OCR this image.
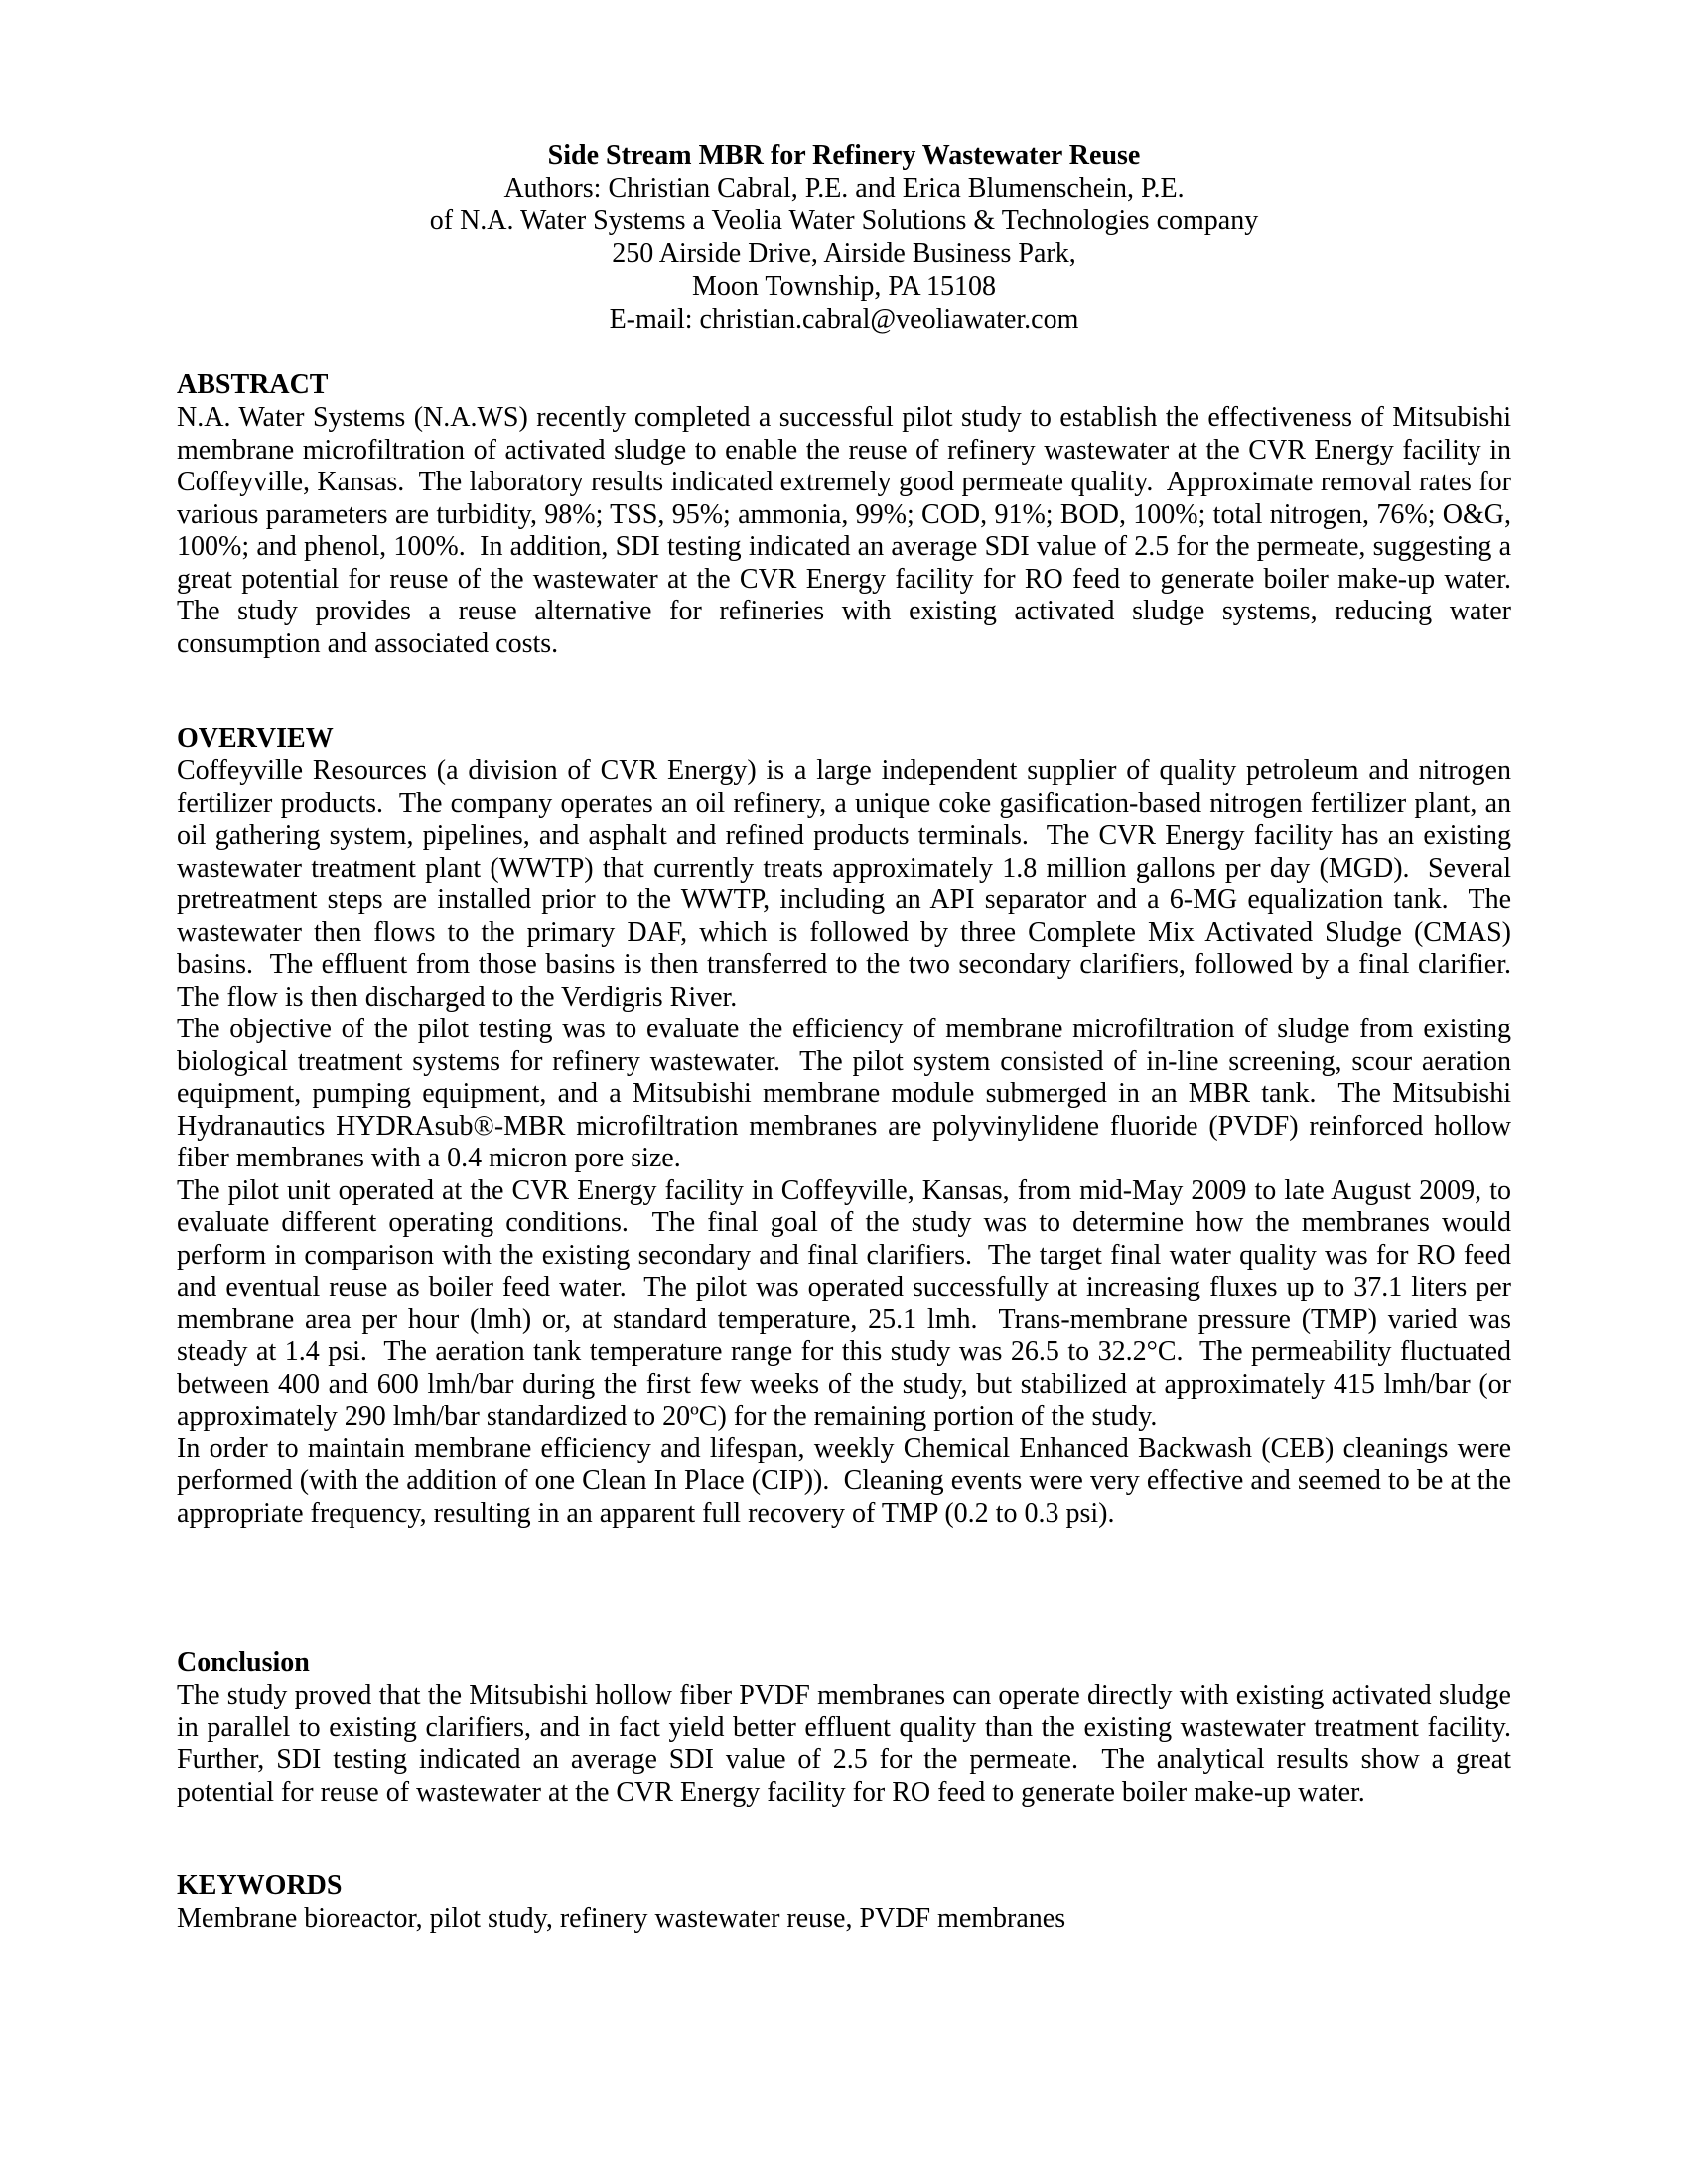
Side Stream MBR for Refinery Wastewater Reuse
Authors: Christian Cabral, P.E. and Erica Blumenschein, P.E.
of N.A. Water Systems a Veolia Water Solutions & Technologies company
250 Airside Drive, Airside Business Park,
Moon Township, PA 15108
E-mail: christian.cabral@veoliawater.com
ABSTRACT

N.A. Water Systems (N.A.WS) recently completed a successful pilot study to establish the effectiveness of Mitsubishi membrane microfiltration of activated sludge to enable the reuse of refinery wastewater at the CVR Energy facility in Coffeyville, Kansas.  The laboratory results indicated extremely good permeate quality.  Approximate removal rates for various parameters are turbidity, 98%; TSS, 95%; ammonia, 99%; COD, 91%; BOD, 100%; total nitrogen, 76%; O&G, 100%; and phenol, 100%.  In addition, SDI testing indicated an average SDI value of 2.5 for the permeate, suggesting a great potential for reuse of the wastewater at the CVR Energy facility for RO feed to generate boiler make-up water.  The study provides a reuse alternative for refineries with existing activated sludge systems, reducing water consumption and associated costs.

OVERVIEW

Coffeyville Resources (a division of CVR Energy) is a large independent supplier of quality petroleum and nitrogen fertilizer products.  The company operates an oil refinery, a unique coke gasification-based nitrogen fertilizer plant, an oil gathering system, pipelines, and asphalt and refined products terminals.  The CVR Energy facility has an existing wastewater treatment plant (WWTP) that currently treats approximately 1.8 million gallons per day (MGD).  Several pretreatment steps are installed prior to the WWTP, including an API separator and a 6-MG equalization tank.  The wastewater then flows to the primary DAF, which is followed by three Complete Mix Activated Sludge (CMAS) basins.  The effluent from those basins is then transferred to the two secondary clarifiers, followed by a final clarifier.  The flow is then discharged to the Verdigris River.

The objective of the pilot testing was to evaluate the efficiency of membrane microfiltration of sludge from existing biological treatment systems for refinery wastewater.  The pilot system consisted of in-line screening, scour aeration equipment, pumping equipment, and a Mitsubishi membrane module submerged in an MBR tank.  The Mitsubishi Hydranautics HYDRAsub®-MBR microfiltration membranes are polyvinylidene fluoride (PVDF) reinforced hollow fiber membranes with a 0.4 micron pore size.

The pilot unit operated at the CVR Energy facility in Coffeyville, Kansas, from mid-May 2009 to late August 2009, to evaluate different operating conditions.  The final goal of the study was to determine how the membranes would perform in comparison with the existing secondary and final clarifiers.  The target final water quality was for RO feed and eventual reuse as boiler feed water.  The pilot was operated successfully at increasing fluxes up to 37.1 liters per membrane area per hour (lmh) or, at standard temperature, 25.1 lmh.  Trans-membrane pressure (TMP) varied was steady at 1.4 psi.  The aeration tank temperature range for this study was 26.5 to 32.2°C.  The permeability fluctuated between 400 and 600 lmh/bar during the first few weeks of the study, but stabilized at approximately 415 lmh/bar (or approximately 290 lmh/bar standardized to 20ºC) for the remaining portion of the study.

In order to maintain membrane efficiency and lifespan, weekly Chemical Enhanced Backwash (CEB) cleanings were performed (with the addition of one Clean In Place (CIP)).  Cleaning events were very effective and seemed to be at the appropriate frequency, resulting in an apparent full recovery of TMP (0.2 to 0.3 psi).

Conclusion

The study proved that the Mitsubishi hollow fiber PVDF membranes can operate directly with existing activated sludge in parallel to existing clarifiers, and in fact yield better effluent quality than the existing wastewater treatment facility.  Further, SDI testing indicated an average SDI value of 2.5 for the permeate.  The analytical results show a great potential for reuse of wastewater at the CVR Energy facility for RO feed to generate boiler make-up water.

KEYWORDS

Membrane bioreactor, pilot study, refinery wastewater reuse, PVDF membranes
